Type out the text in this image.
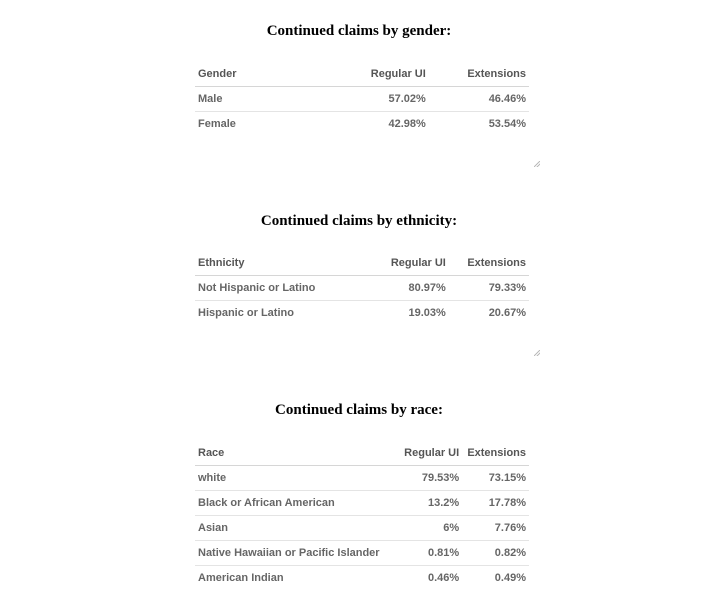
Continued claims by gender:
Gender	Regular UI	Extensions
Male	57.02%	46.46%
Female	42.98%	53.54%
Continued claims by ethnicity:
Ethnicity	Regular UI	Extensions
Not Hispanic or Latino	80.97%	79.33%
Hispanic or Latino	19.03%	20.67%
Continued claims by race:
Race	Regular UI	Extensions
white	79.53%	73.15%
Black or African American	13.2%	17.78%
Asian	6%	7.76%
Native Hawaiian or Pacific Islander	0.81%	0.82%
American Indian	0.46%	0.49%
